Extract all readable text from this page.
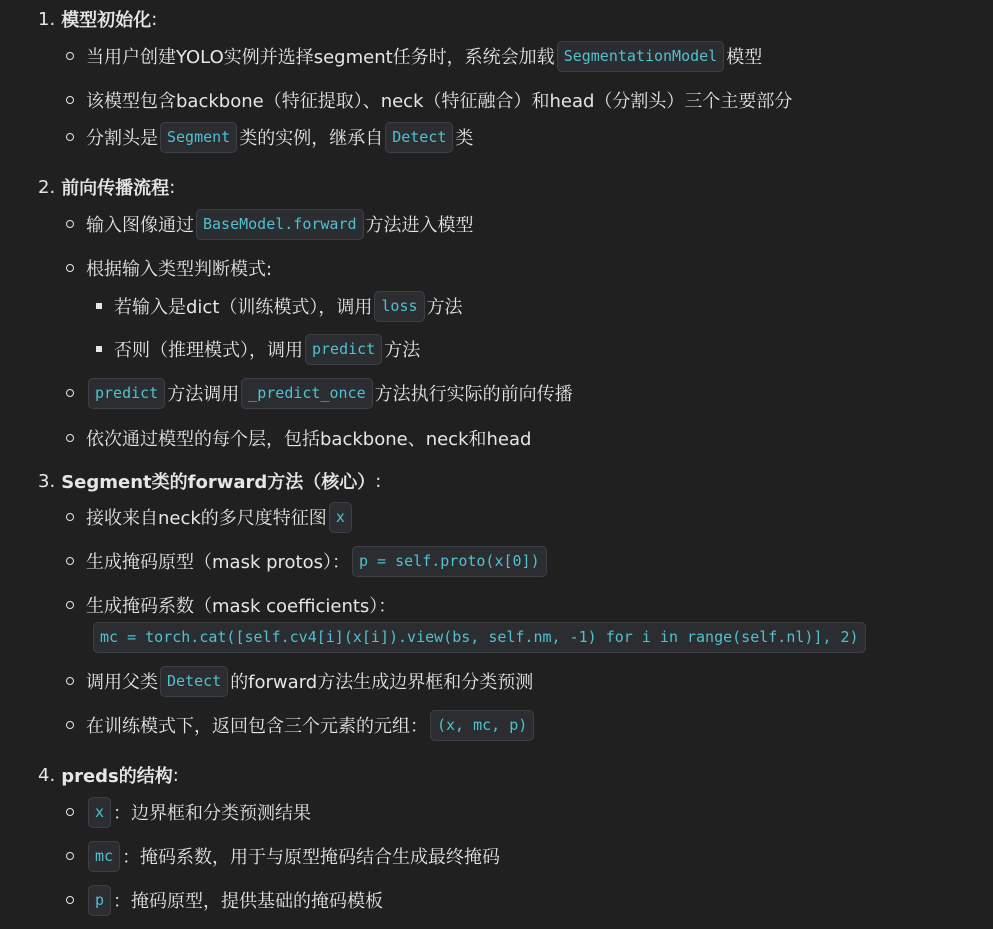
1. 模型初始化 :
当用户创建YOLO实例并选择segment任务时，系统会加载 SegmentationModel 模型
该模型包含backbone（特征提取）、neck（特征融合）和head（分割头）三个主要部分
分割头是 Segment 类的实例，继承自 Detect 类
2. 前向传播流程 :
输入图像通过 BaseModel.forward 方法进入模型
根据输入类型判断模式:
若输入是dict（训练模式），调用 loss 方法
否则（推理模式），调用 predict 方法
predict 方法调用 _predict_once 方法执行实际的前向传播
依次通过模型的每个层，包括backbone、neck和head
3. Segment类的forward方法（核心） :
接收来自neck的多尺度特征图 x
生成掩码原型（mask protos）： p = self.proto(x[0])
生成掩码系数（mask coefficients）：
mc = torch.cat([self.cv4[i](x[i]).view(bs, self.nm, -1) for i in range(self.nl)], 2)
调用父类 Detect 的forward方法生成边界框和分类预测
在训练模式下，返回包含三个元素的元组： (x, mc, p)
4. preds的结构 :
x ：边界框和分类预测结果
mc ：掩码系数，用于与原型掩码结合生成最终掩码
p ：掩码原型，提供基础的掩码模板
